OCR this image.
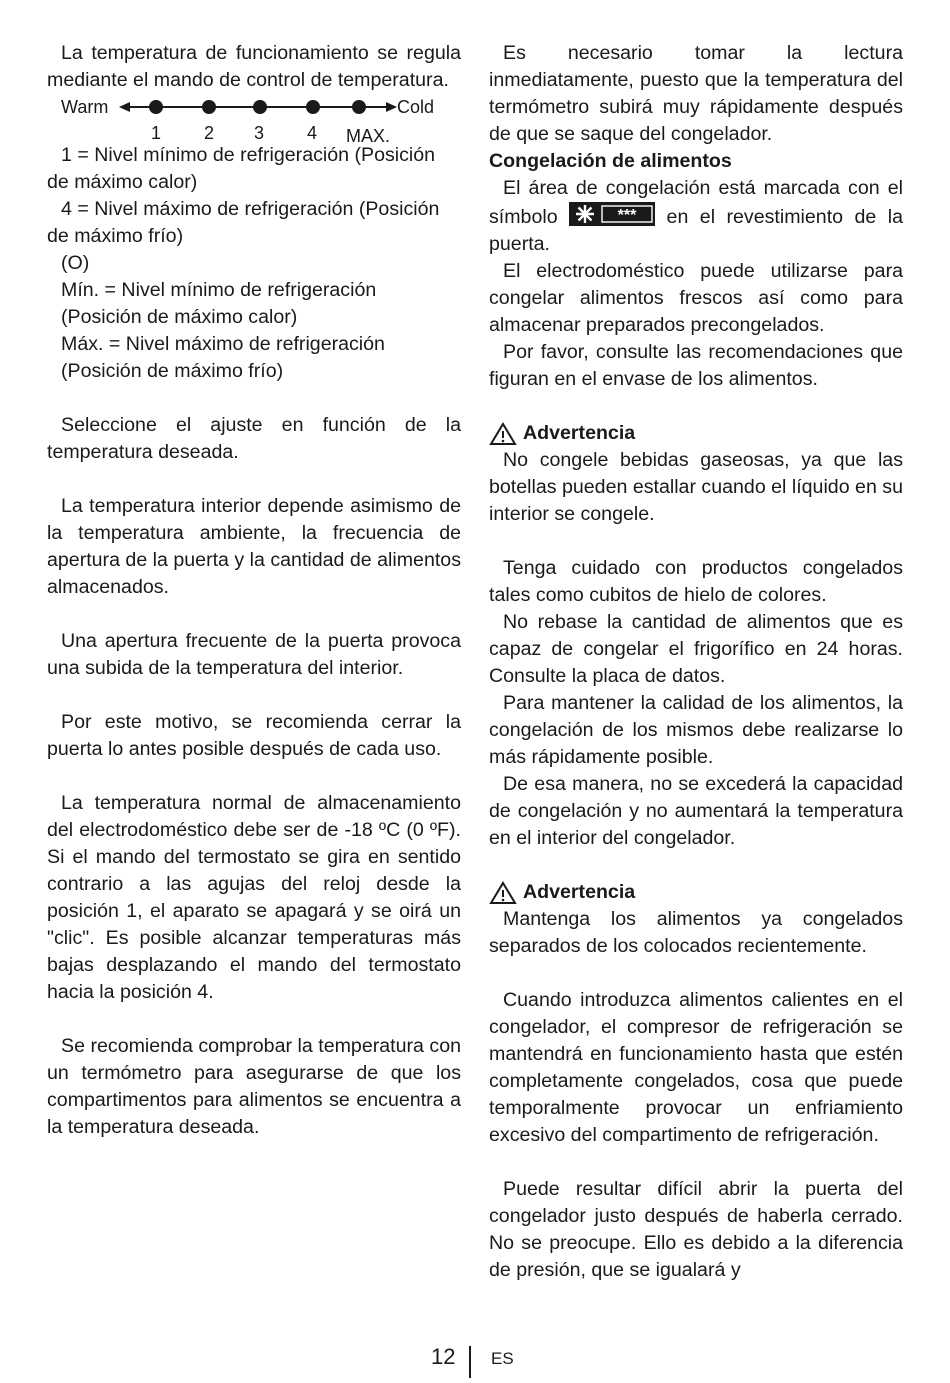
La temperatura de funcionamiento se regula mediante el mando de control de temperatura.

Warm	Cold
1 2 3 4 MAX.

1 = Nivel mínimo de refrigeración (Posición de máximo calor)

4 = Nivel máximo de refrigeración (Posición de máximo frío)

(O)
Mín. = Nivel mínimo de refrigeración
(Posición de máximo calor)
Máx. = Nivel máximo de refrigeración
(Posición de máximo frío)

Seleccione el ajuste en función de la temperatura deseada.

La temperatura interior depende asimismo de la temperatura ambiente, la frecuencia de apertura de la puerta y la cantidad de alimentos almacenados.

Una apertura frecuente de la puerta provoca una subida de la temperatura del interior.

Por este motivo, se recomienda cerrar la puerta lo antes posible después de cada uso.

La temperatura normal de almacenamiento del electrodoméstico debe ser de -18 ºC (0 ºF). Si el mando del termostato se gira en sentido contrario a las agujas del reloj desde la posición 1, el aparato se apagará y se oirá un "clic". Es posible alcanzar temperaturas más bajas desplazando el mando del termostato hacia la posición 4.

Se recomienda comprobar la temperatura con un termómetro para asegurarse de que los compartimentos para alimentos se encuentra a la temperatura deseada.

Es necesario tomar la lectura inmediatamente, puesto que la temperatura del termómetro subirá muy rápidamente después de que se saque del congelador.

Congelación de alimentos

El área de congelación está marcada con el símbolo	*** en el revestimiento de la puerta.

El electrodoméstico puede utilizarse para congelar alimentos frescos así como para almacenar preparados precongelados.

Por favor, consulte las recomendaciones que figuran en el envase de los alimentos.

Advertencia

No congele bebidas gaseosas, ya que las botellas pueden estallar cuando el líquido en su interior se congele.

Tenga cuidado con productos congelados tales como cubitos de hielo de colores.

No rebase la cantidad de alimentos que es capaz de congelar el frigorífico en 24 horas. Consulte la placa de datos.

Para mantener la calidad de los alimentos, la congelación de los mismos debe realizarse lo más rápidamente posible.

De esa manera, no se excederá la capacidad de congelación y no aumentará la temperatura en el interior del congelador.

Advertencia

Mantenga los alimentos ya congelados separados de los colocados recientemente.

Cuando introduzca alimentos calientes en el congelador, el compresor de refrigeración se mantendrá en funcionamiento hasta que estén completamente congelados, cosa que puede temporalmente provocar un enfriamiento excesivo del compartimento de refrigeración.

Puede resultar difícil abrir la puerta del congelador justo después de haberla cerrado. No se preocupe. Ello es debido a la diferencia de presión, que se igualará y

12 ES
